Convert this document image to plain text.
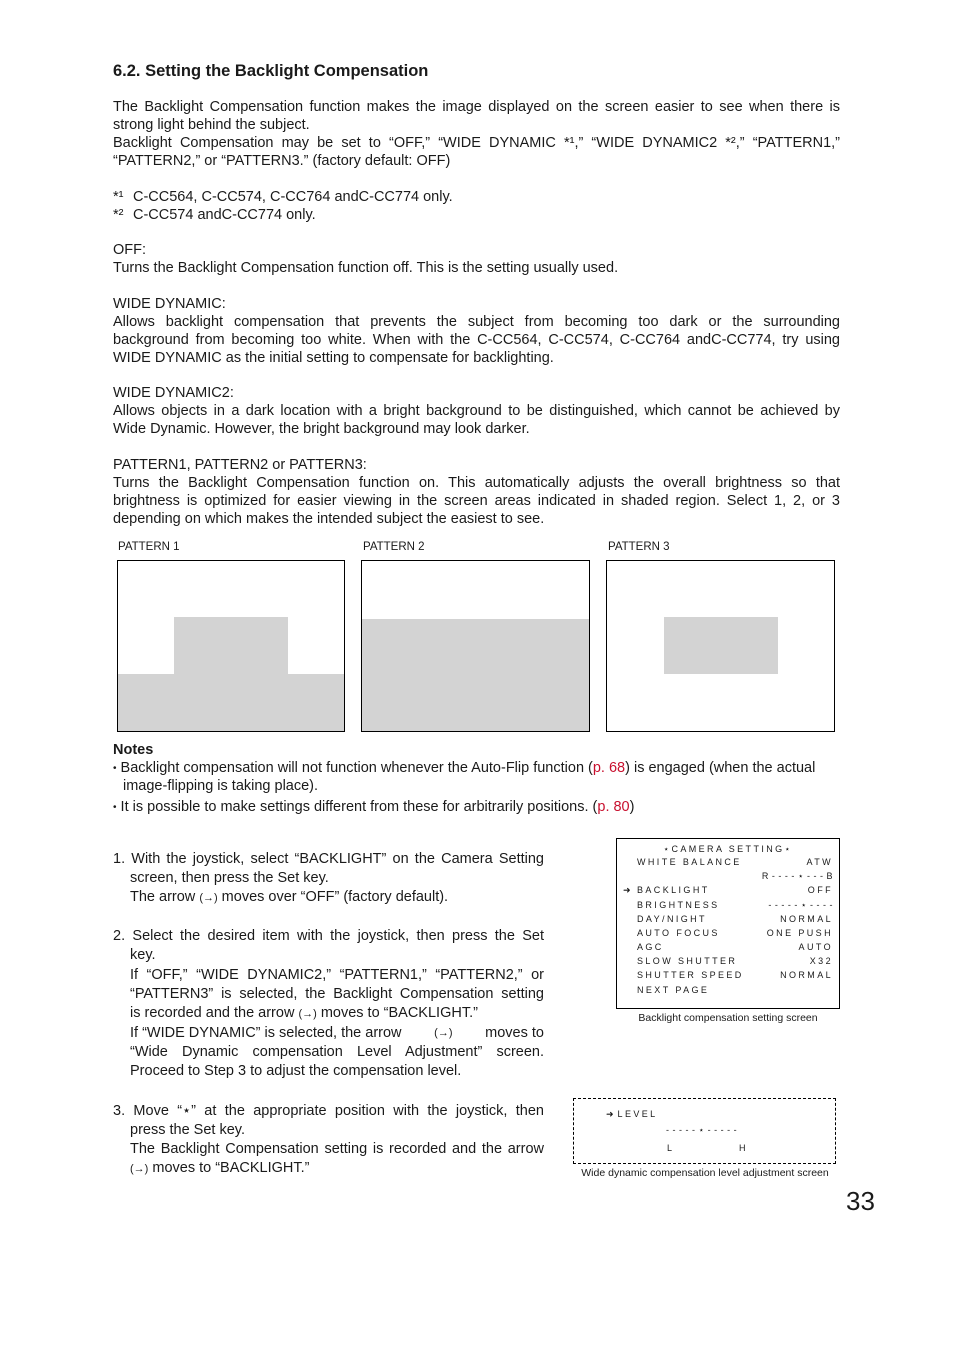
6.2. Setting the Backlight Compensation
The Backlight Compensation function makes the image displayed on the screen easier to see when there is
strong light behind the subject.
Backlight Compensation may be set to “OFF,” “WIDE DYNAMIC *¹,” “WIDE DYNAMIC2 *²,” “PATTERN1,”
“PATTERN2,” or “PATTERN3.” (factory default: OFF)
*¹ C-CC564, C-CC574, C-CC764 andC-CC774 only.
*² C-CC574 andC-CC774 only.
OFF:
Turns the Backlight Compensation function off. This is the setting usually used.
WIDE DYNAMIC:
Allows backlight compensation that prevents the subject from becoming too dark or the surrounding
background from becoming too white. When with the C-CC564, C-CC574, C-CC764 andC-CC774, try using
WIDE DYNAMIC as the initial setting to compensate for backlighting.
WIDE DYNAMIC2:
Allows objects in a dark location with a bright background to be distinguished, which cannot be achieved by
Wide Dynamic. However, the bright background may look darker.
PATTERN1, PATTERN2 or PATTERN3:
Turns the Backlight Compensation function on. This automatically adjusts the overall brightness so that
brightness is optimized for easier viewing in the screen areas indicated in shaded region. Select 1, 2, or 3
depending on which makes the intended subject the easiest to see.
PATTERN 1	PATTERN 2	PATTERN 3
Notes
• Backlight compensation will not function whenever the Auto-Flip function (p. 68) is engaged (when the actual
image-flipping is taking place).
• It is possible to make settings different from these for arbitrarily positions. (p. 80)
1. With the joystick, select “BACKLIGHT” on the Camera Setting
screen, then press the Set key.
The arrow (→) moves over “OFF” (factory default).
2. Select the desired item with the joystick, then press the Set
key.
If “OFF,” “WIDE DYNAMIC2,” “PATTERN1,” “PATTERN2,” or
“PATTERN3” is selected, the Backlight Compensation setting
is recorded and the arrow (→) moves to “BACKLIGHT.”
If “WIDE DYNAMIC” is selected, the arrow	(→) moves to
“Wide Dynamic compensation Level Adjustment” screen.
Proceed to Step 3 to adjust the compensation level.
3. Move “⋆” at the appropriate position with the joystick, then
press the Set key.
The Backlight Compensation setting is recorded and the arrow
(→) moves to “BACKLIGHT.”
⋆CAMERA SETTING⋆
WHITE BALANCE	ATW
R - - - - ⋆ - - - B
➜ BACKLIGHT	OFF
BRIGHTNESS	- - - - - ⋆ - - - -
DAY/NIGHT	NORMAL
AUTO FOCUS	ONE PUSH
AGC	AUTO
SLOW SHUTTER	X32
SHUTTER SPEED	NORMAL
NEXT PAGE
Backlight compensation setting screen
➜ LEVEL
- - - - - ⋆ - - - - -
L	H
Wide dynamic compensation level adjustment screen
33
